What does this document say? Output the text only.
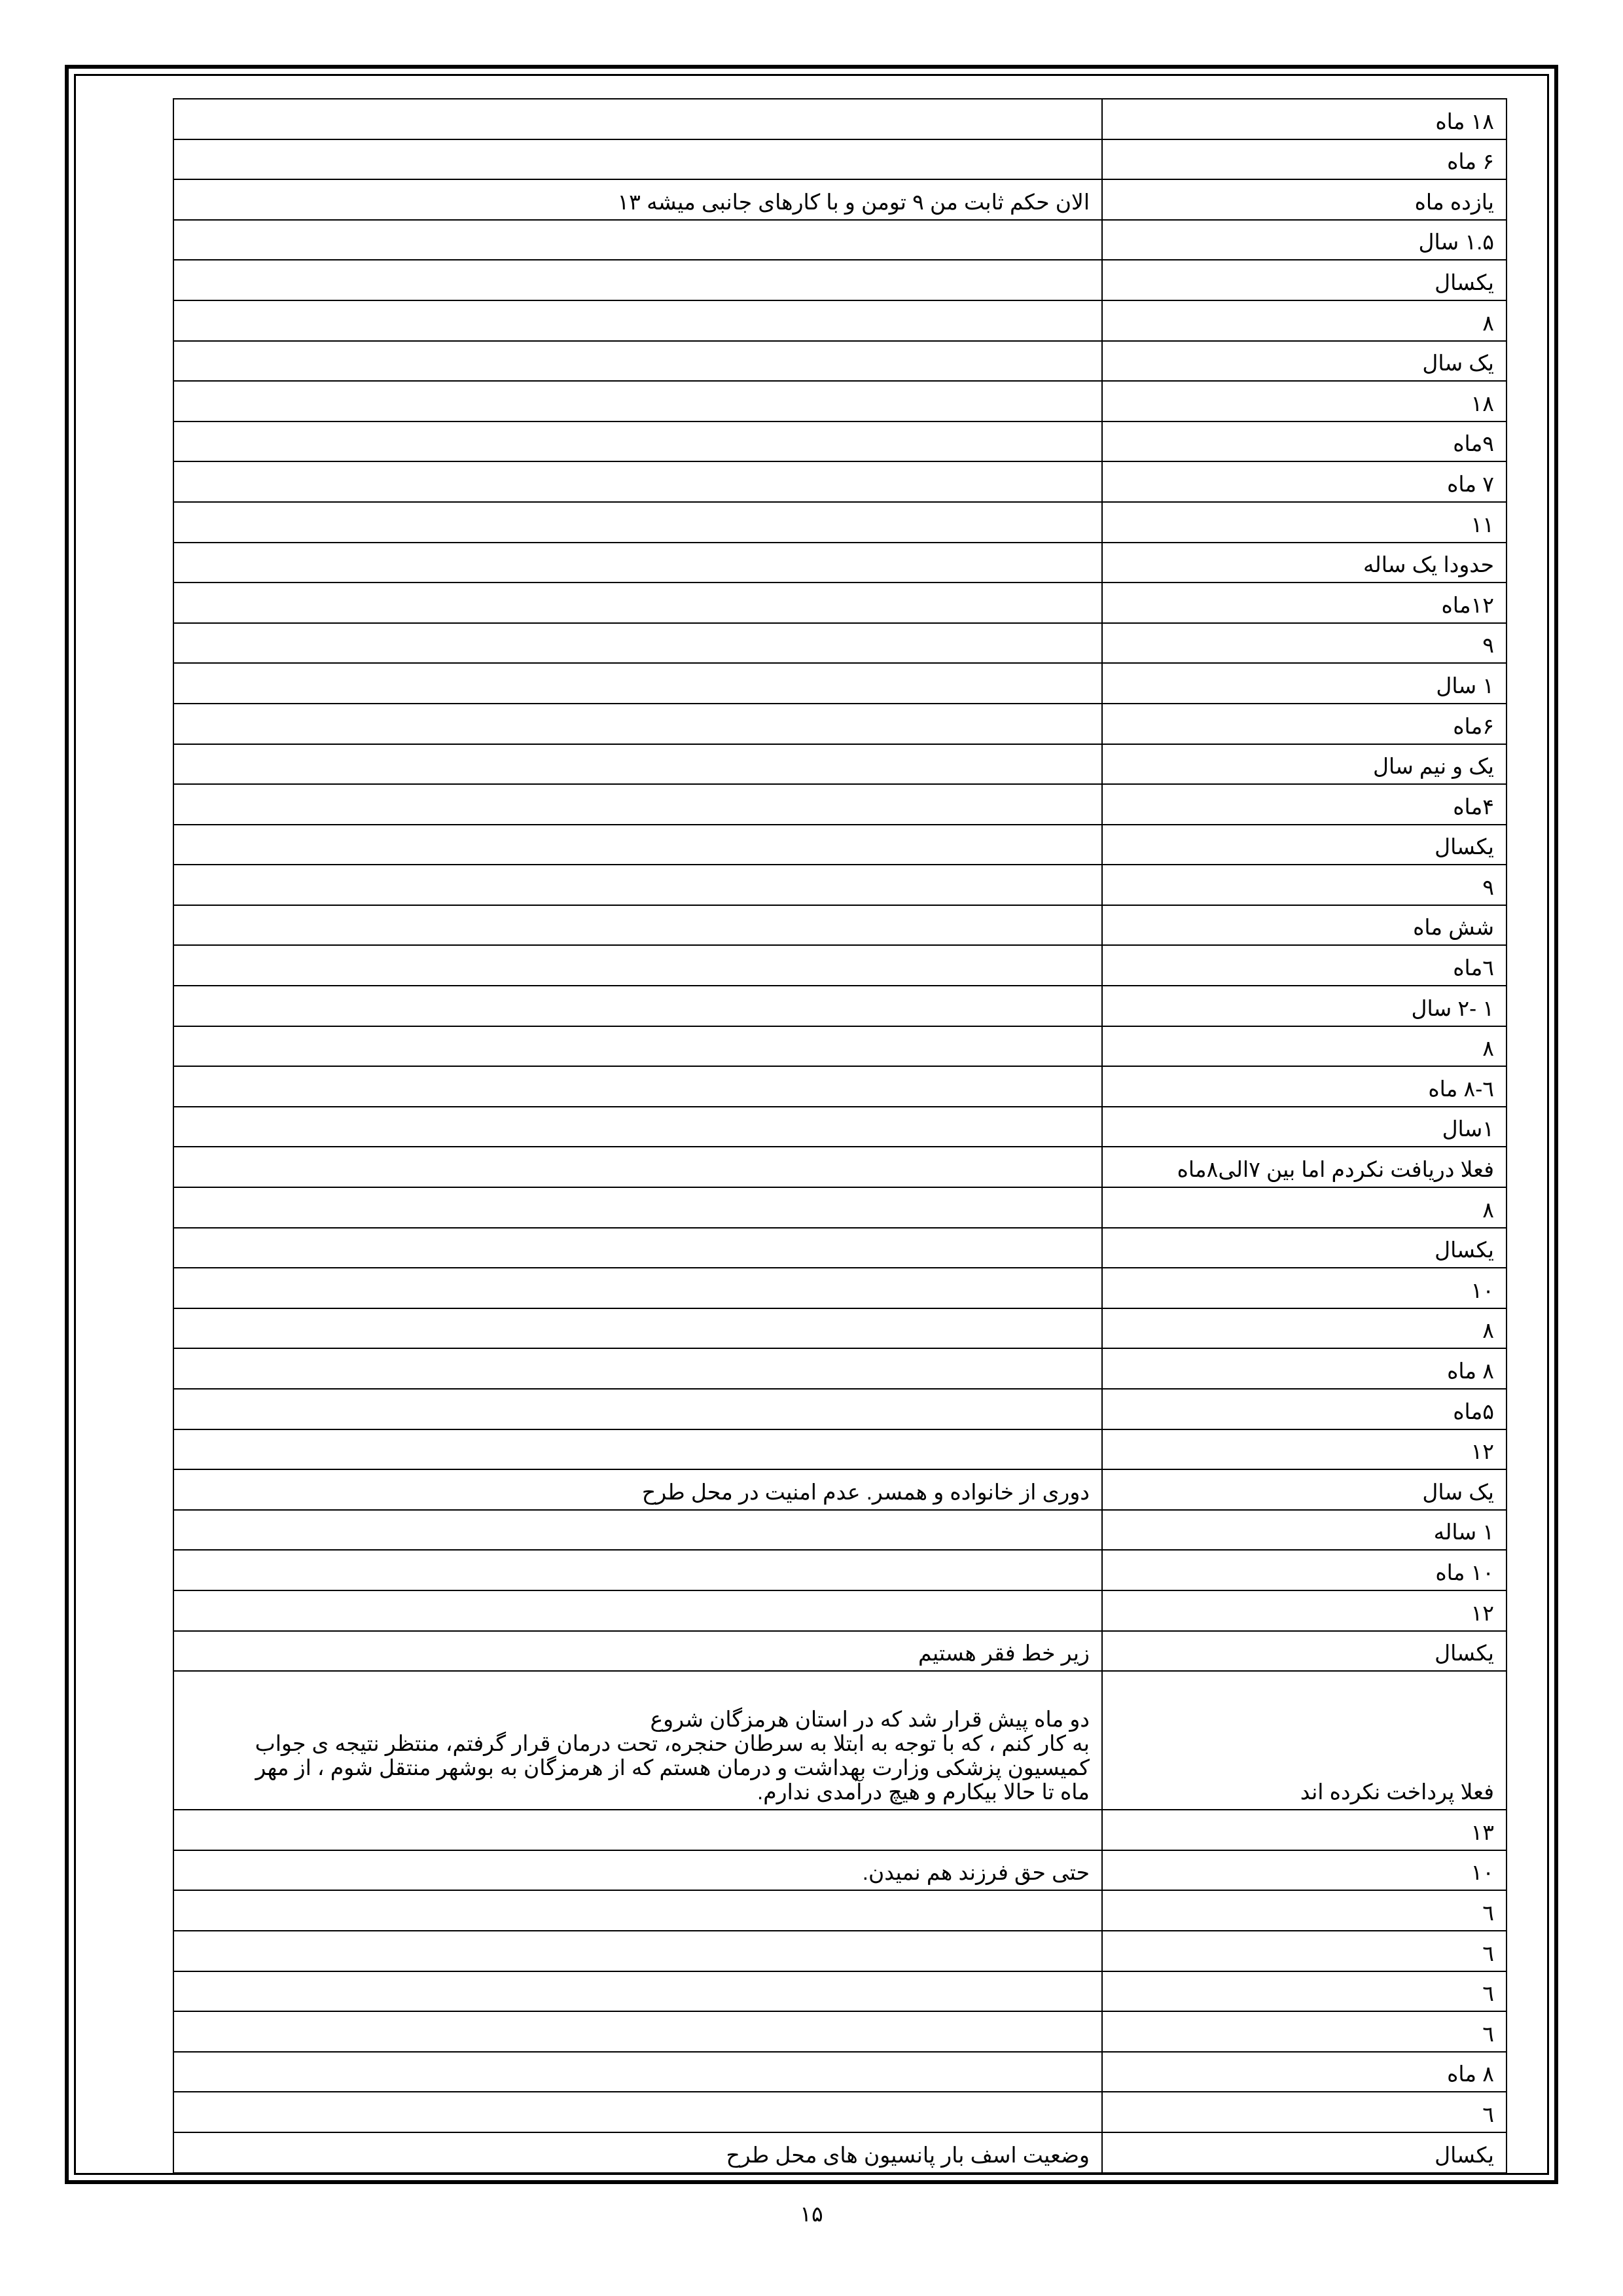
۱۸ ماه	
۶ ماه	
یازده ماه	الان حکم ثابت من ۹ تومن و با کارهای جانبی میشه ۱۳
۱.۵ سال	
یکسال	
۸	
یک سال	
۱۸	
۹ماه	
۷ ماه	
۱۱	
حدودا یک ساله	
۱۲ماه	
۹	
۱ سال	
۶ماه	
یک و نیم سال	
۴ماه	
یکسال	
۹	
شش ماه	
٦ماه	
۱ -۲ سال	
۸	
٦-۸ ماه	
۱سال	
فعلا دریافت نکردم اما بین ۷الی۸ماه	
۸	
یکسال	
۱۰	
۸	
۸ ماه	
۵ماه	
۱۲	
یک سال	دوری از خانواده و همسر. عدم امنیت در محل طرح
۱ ساله	
۱۰ ماه	
۱۲	
یکسال	زیر خط فقر هستیم
فعلا پرداخت نکرده اند	دو ماه پیش قرار شد که در استان هرمزگان شروع
به کار کنم ، که با توجه به ابتلا به سرطان حنجره، تحت درمان قرار گرفتم، منتظر نتیجه ی جواب
کمیسیون پزشکی وزارت بهداشت و درمان هستم که از هرمزگان به بوشهر منتقل شوم ، از مهر
ماه تا حالا بیکارم و هیچ درآمدی ندارم.

۱۳	
۱۰	حتی حق فرزند هم نمیدن.
٦	
٦	
٦	
٦	
۸ ماه	
٦	
یکسال	وضعیت اسف بار پانسیون های محل طرح
۱۵
